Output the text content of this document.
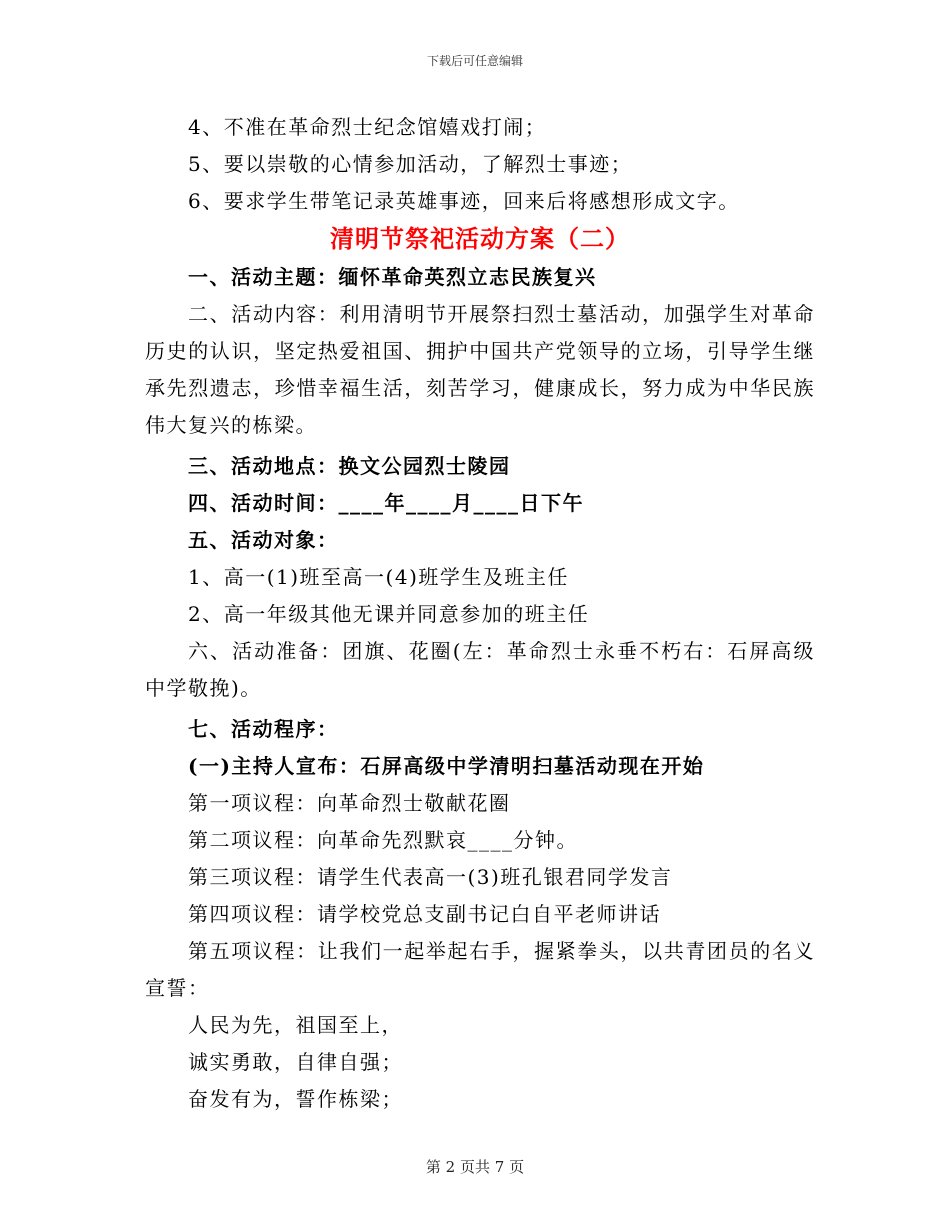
下载后可任意编辑
4、不准在革命烈士纪念馆嬉戏打闹；
5、要以崇敬的心情参加活动，了解烈士事迹；
6、要求学生带笔记录英雄事迹，回来后将感想形成文字。
清明节祭祀活动方案（二）
一、活动主题：缅怀革命英烈立志民族复兴
二、活动内容：利用清明节开展祭扫烈士墓活动，加强学生对革命历史的认识，坚定热爱祖国、拥护中国共产党领导的立场，引导学生继承先烈遗志，珍惜幸福生活，刻苦学习，健康成长，努力成为中华民族伟大复兴的栋梁。
三、活动地点：换文公园烈士陵园
四、活动时间：____年____月____日下午
五、活动对象：
1、高一(1)班至高一(4)班学生及班主任
2、高一年级其他无课并同意参加的班主任
六、活动准备：团旗、花圈(左：革命烈士永垂不朽右：石屏高级中学敬挽)。
七、活动程序：
(一)主持人宣布：石屏高级中学清明扫墓活动现在开始
第一项议程：向革命烈士敬献花圈
第二项议程：向革命先烈默哀____分钟。
第三项议程：请学生代表高一(3)班孔银君同学发言
第四项议程：请学校党总支副书记白自平老师讲话
第五项议程：让我们一起举起右手，握紧拳头，以共青团员的名义宣誓：
人民为先，祖国至上，
诚实勇敢，自律自强；
奋发有为，誓作栋梁；
第 2 页共 7 页
